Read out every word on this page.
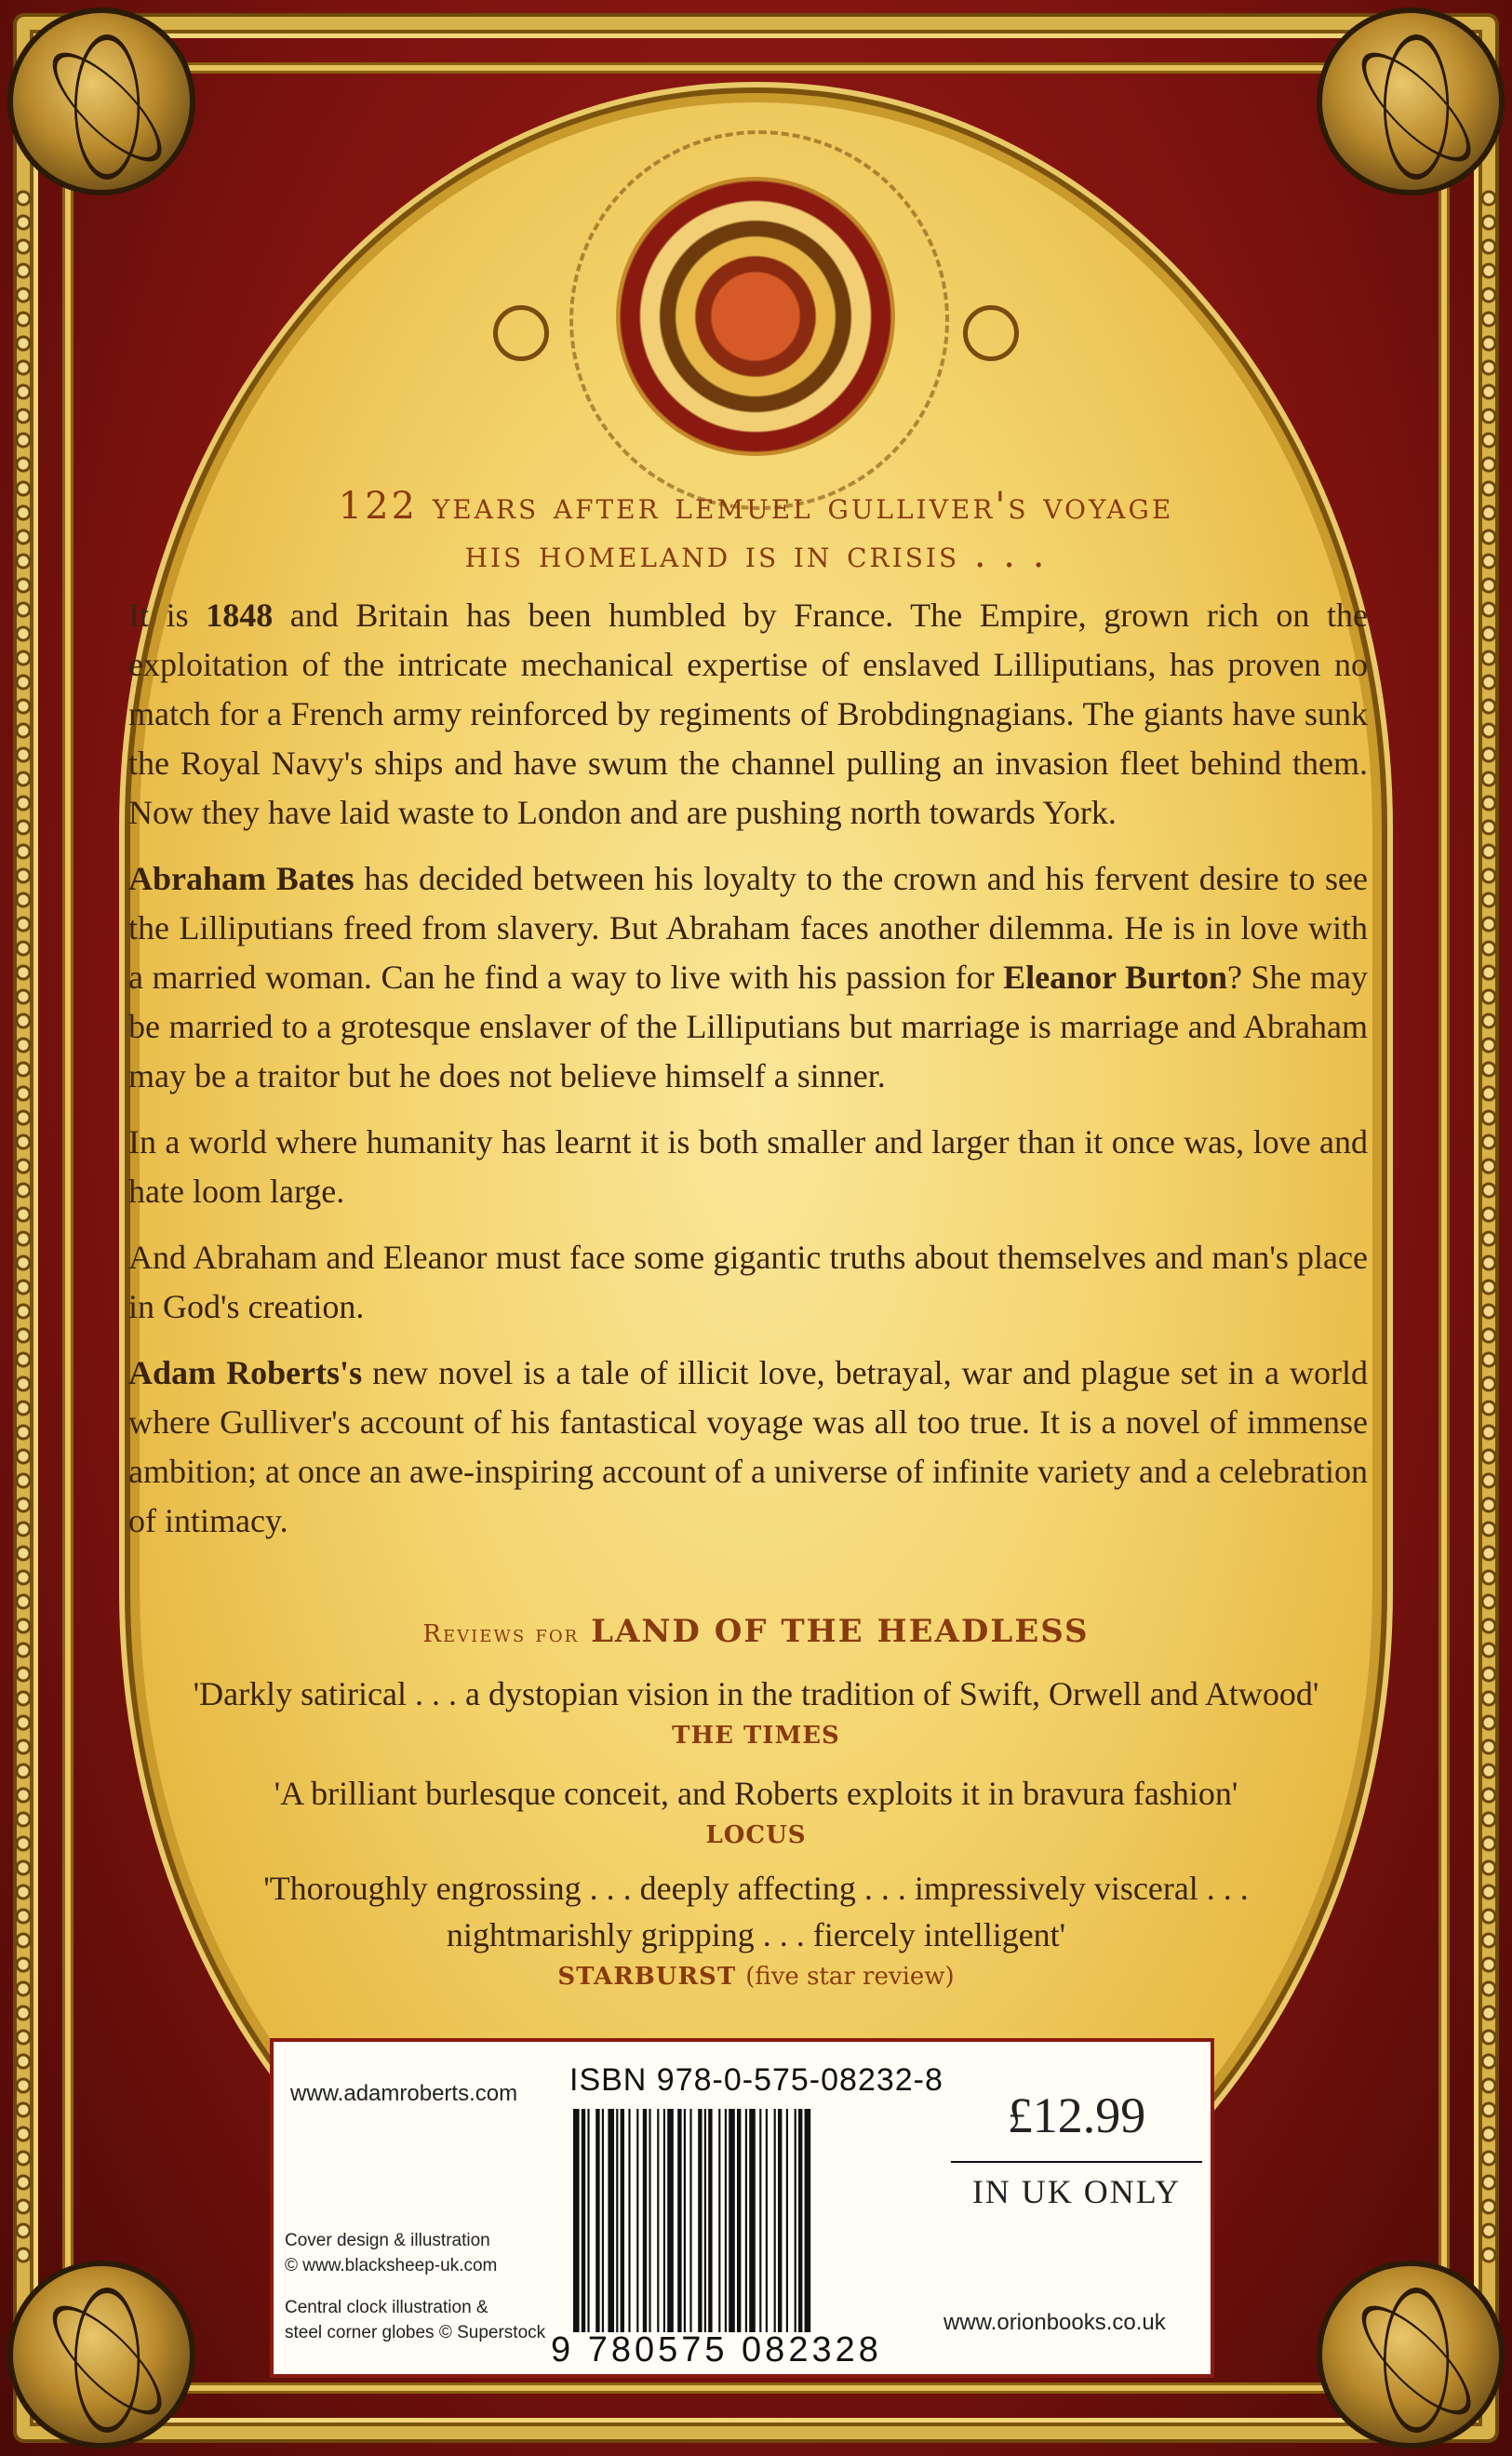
122 years after lemuel gulliver's voyage
his homeland is in crisis . . .

It is 1848 and Britain has been humbled by France. The Empire, grown rich on the exploitation of the intricate mechanical expertise of enslaved Lilliputians, has proven no match for a French army reinforced by regiments of Brobdingnagians. The giants have sunk the Royal Navy's ships and have swum the channel pulling an invasion fleet behind them. Now they have laid waste to London and are pushing north towards York.

Abraham Bates has decided between his loyalty to the crown and his fervent desire to see the Lilliputians freed from slavery. But Abraham faces another dilemma. He is in love with a married woman. Can he find a way to live with his passion for Eleanor Burton? She may be married to a grotesque enslaver of the Lilliputians but marriage is marriage and Abraham may be a traitor but he does not believe himself a sinner.

In a world where humanity has learnt it is both smaller and larger than it once was, love and hate loom large.

And Abraham and Eleanor must face some gigantic truths about themselves and man's place in God's creation.

Adam Roberts's new novel is a tale of illicit love, betrayal, war and plague set in a world where Gulliver's account of his fantastical voyage was all too true. It is a novel of immense ambition; at once an awe-inspiring account of a universe of infinite variety and a celebration of intimacy.

Reviews for LAND OF THE HEADLESS
'Darkly satirical . . . a dystopian vision in the tradition of Swift, Orwell and Atwood'
THE TIMES
'A brilliant burlesque conceit, and Roberts exploits it in bravura fashion'
LOCUS
'Thoroughly engrossing . . . deeply affecting . . . impressively visceral . . . nightmarishly gripping . . . fiercely intelligent'
STARBURST (five star review)
www.adamroberts.com ISBN 978-0-575-08232-8
9 780575 082328
£12.99
IN UK ONLY
www.orionbooks.co.uk
Cover design & illustration
© www.blacksheep-uk.com
Central clock illustration &
steel corner globes © Superstock
